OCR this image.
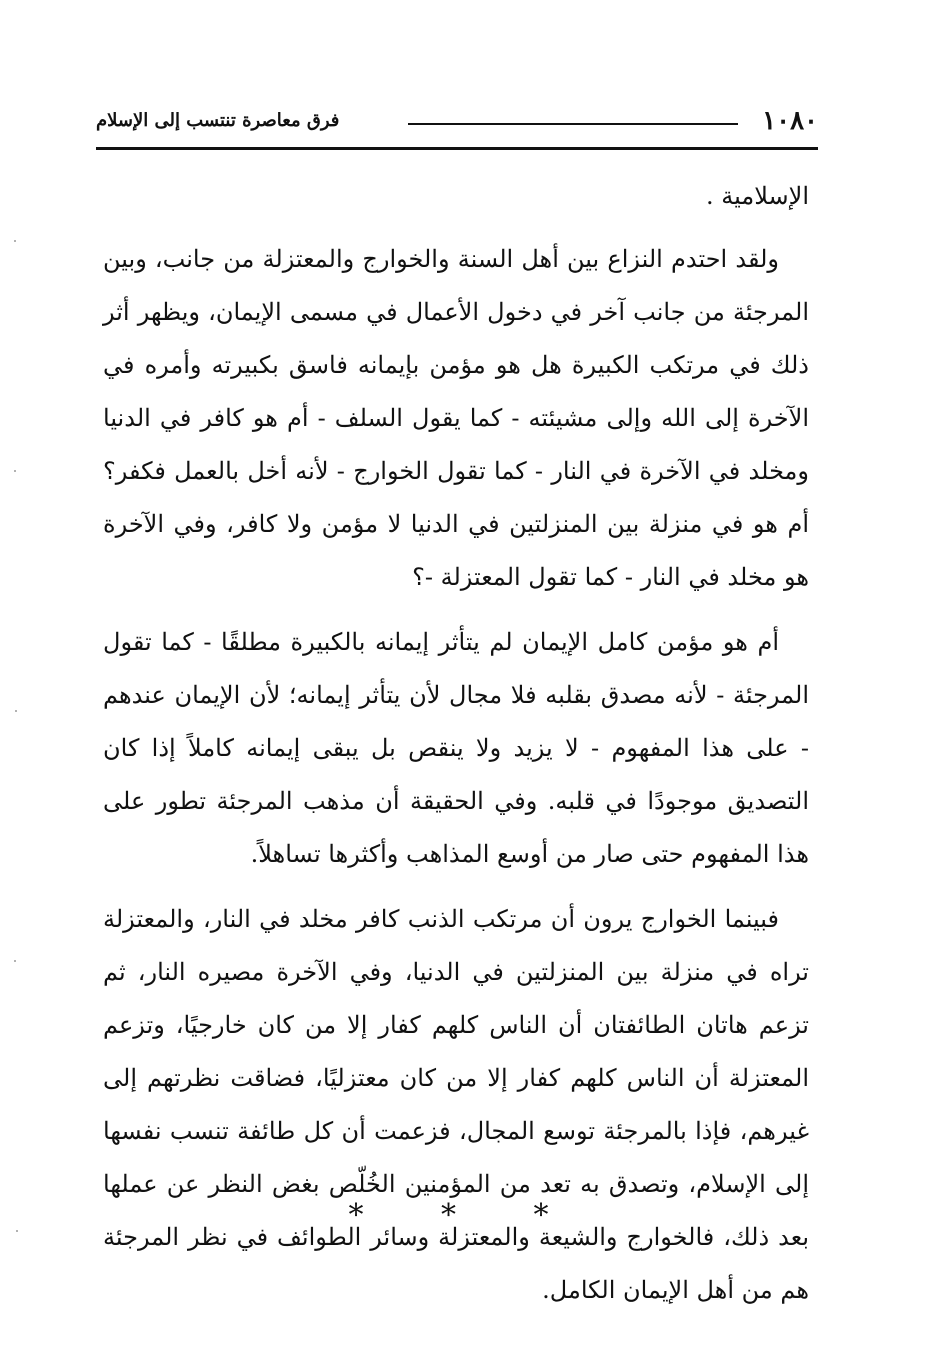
١٠٨٠
فرق معاصرة تنتسب إلى الإسلام

الإسلامية .

ولقد احتدم النزاع بين أهل السنة والخوارج والمعتزلة من جانب، وبين المرجئة من جانب آخر في دخول الأعمال في مسمى الإيمان، ويظهر أثر ذلك في مرتكب الكبيرة هل هو مؤمن بإيمانه فاسق بكبيرته وأمره في الآخرة إلى الله وإلى مشيئته - كما يقول السلف - أم هو كافر في الدنيا ومخلد في الآخرة في النار - كما تقول الخوارج - لأنه أخل بالعمل فكفر؟ أم هو في منزلة بين المنزلتين في الدنيا لا مؤمن ولا كافر، وفي الآخرة هو مخلد في النار - كما تقول المعتزلة -؟

أم هو مؤمن كامل الإيمان لم يتأثر إيمانه بالكبيرة مطلقًا - كما تقول المرجئة - لأنه مصدق بقلبه فلا مجال لأن يتأثر إيمانه؛ لأن الإيمان عندهم - على هذا المفهوم - لا يزيد ولا ينقص بل يبقى إيمانه كاملاً إذا كان التصديق موجودًا في قلبه. وفي الحقيقة أن مذهب المرجئة تطور على هذا المفهوم حتى صار من أوسع المذاهب وأكثرها تساهلاً.

فبينما الخوارج يرون أن مرتكب الذنب كافر مخلد في النار، والمعتزلة تراه في منزلة بين المنزلتين في الدنيا، وفي الآخرة مصيره النار، ثم تزعم هاتان الطائفتان أن الناس كلهم كفار إلا من كان خارجيًا، وتزعم المعتزلة أن الناس كلهم كفار إلا من كان معتزليًا، فضاقت نظرتهم إلى غيرهم، فإذا بالمرجئة توسع المجال، فزعمت أن كل طائفة تنسب نفسها إلى الإسلام، وتصدق به تعد من المؤمنين الخُلّص بغض النظر عن عملها بعد ذلك، فالخوارج والشيعة والمعتزلة وسائر الطوائف في نظر المرجئة هم من أهل الإيمان الكامل.

* * *
